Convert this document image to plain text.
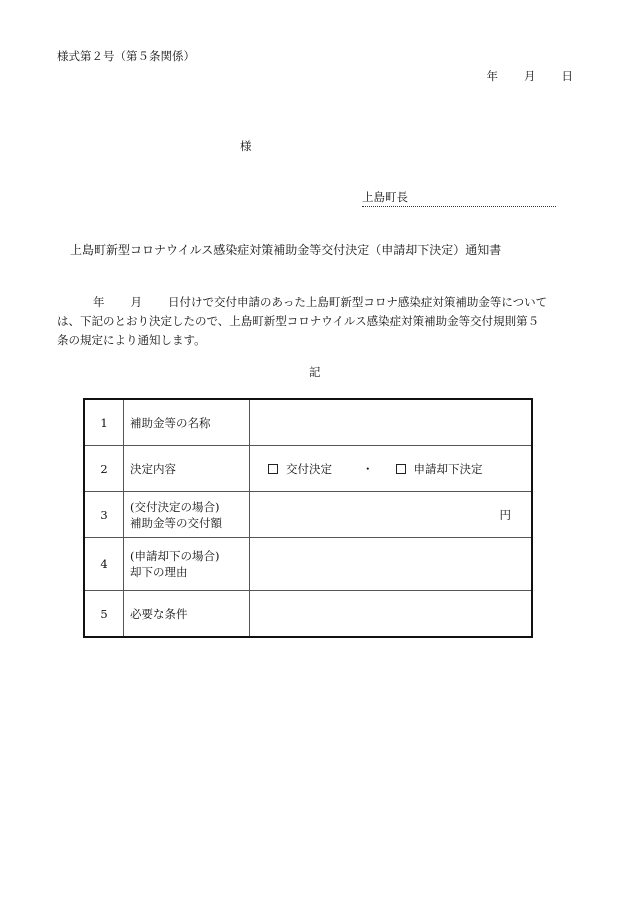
様式第２号（第５条関係）
年 月 日
様
上島町長
上島町新型コロナウイルス感染症対策補助金等交付決定（申請却下決定）通知書

年 月 日付けで交付申請のあった上島町新型コロナ感染症対策補助金等について

は、下記のとおり決定したので、上島町新型コロナウイルス感染症対策補助金等交付規則第５

条の規定により通知します。

記
1	補助金等の名称	
2	決定内容	交付決定 ・ 申請却下決定

3	(交付決定の場合)
補助金等の交付額	円

4	(申請却下の場合)
却下の理由	

5	必要な条件	
